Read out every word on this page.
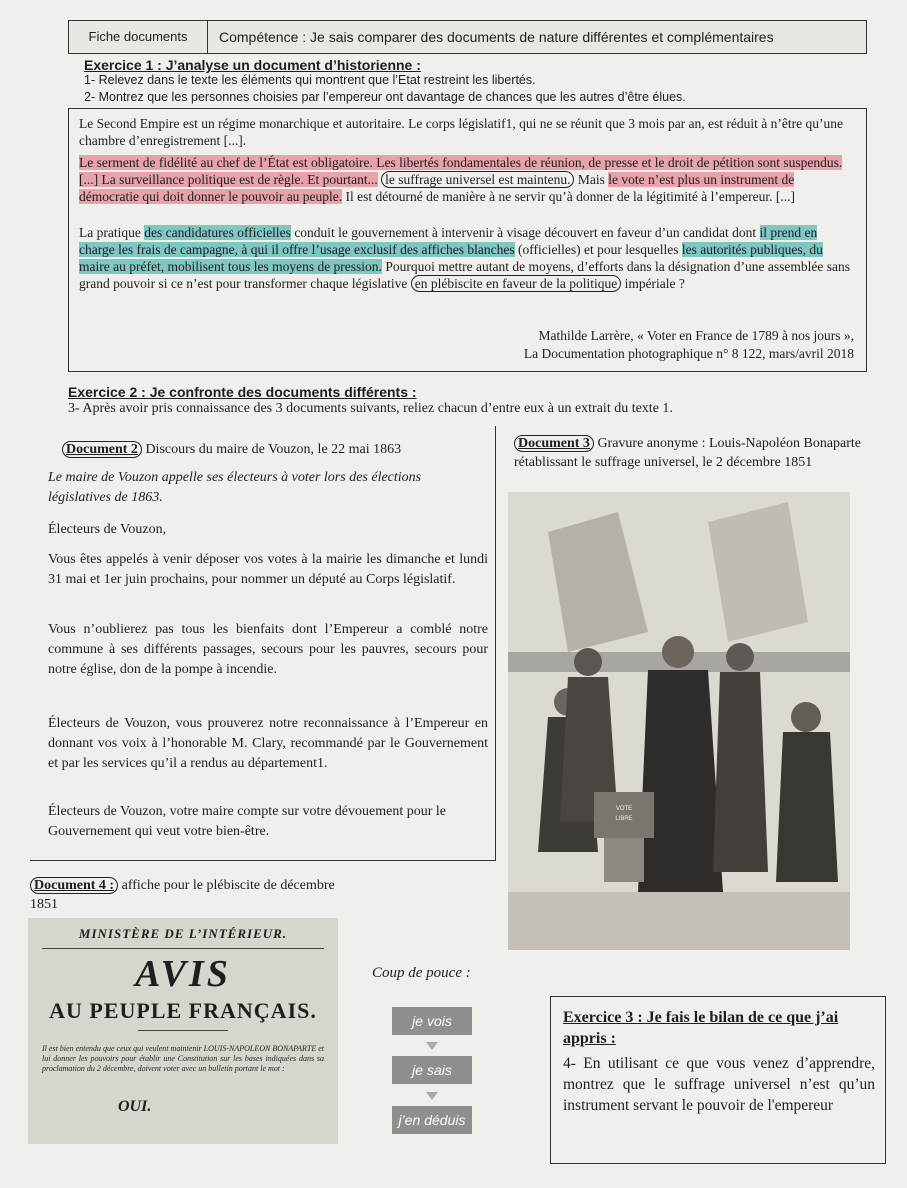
Fiche documents	Compétence : Je sais comparer des documents de nature différentes et complémentaires
Exercice 1 : J’analyse un document d’historienne :
1- Relevez dans le texte les éléments qui montrent que l’Etat restreint les libertés.
2- Montrez que les personnes choisies par l’empereur ont davantage de chances que les autres d’être élues.

Le Second Empire est un régime monarchique et autoritaire. Le corps législatif1, qui ne se réunit que 3 mois par an, est réduit à n’être qu’une chambre d’enregistrement [...].

Le serment de fidélité au chef de l’État est obligatoire. Les libertés fondamentales de réunion, de presse et le droit de pétition sont suspendus. [...] La surveillance politique est de règle. Et pourtant... le suffrage universel est maintenu. Mais le vote n’est plus un instrument de démocratie qui doit donner le pouvoir au peuple. Il est détourné de manière à ne servir qu’à donner de la légitimité à l’empereur. [...]

La pratique des candidatures officielles conduit le gouvernement à intervenir à visage découvert en faveur d’un candidat dont il prend en charge les frais de campagne, à qui il offre l’usage exclusif des affiches blanches (officielles) et pour lesquelles les autorités publiques, du maire au préfet, mobilisent tous les moyens de pression. Pourquoi mettre autant de moyens, d’efforts dans la désignation d’une assemblée sans grand pouvoir si ce n’est pour transformer chaque législative en plébiscite en faveur de la politique impériale ?

Mathilde Larrère, « Voter en France de 1789 à nos jours »,

La Documentation photographique n° 8 122, mars/avril 2018

Exercice 2 : Je confronte des documents différents :
3- Après avoir pris connaissance des 3 documents suivants, reliez chacun d’entre eux à un extrait du texte 1.
Document 2 Discours du maire de Vouzon, le 22 mai 1863

Le maire de Vouzon appelle ses électeurs à voter lors des élections législatives de 1863.

Électeurs de Vouzon,

Vous êtes appelés à venir déposer vos votes à la mairie les dimanche et lundi 31 mai et 1er juin prochains, pour nommer un député au Corps législatif.

Vous n’oublierez pas tous les bienfaits dont l’Empereur a comblé notre commune à ses différents passages, secours pour les pauvres, secours pour notre église, don de la pompe à incendie.

Électeurs de Vouzon, vous prouverez notre reconnaissance à l’Empereur en donnant vos voix à l’honorable M. Clary, recommandé par le Gouvernement et par les services qu’il a rendus au département1.

Électeurs de Vouzon, votre maire compte sur votre dévouement pour le Gouvernement qui veut votre bien-être.

Document 3 Gravure anonyme : Louis-Napoléon Bonaparte rétablissant le suffrage universel, le 2 décembre 1851
VOTE
LIBRE
Document 4 : affiche pour le plébiscite de décembre 1851
MINISTÈRE DE L’INTÉRIEUR.
AVIS
AU PEUPLE FRANÇAIS.

Il est bien entendu que ceux qui veulent maintenir LOUIS-NAPOLEON BONAPARTE et lui donner les pouvoirs pour établir une Constitution sur les bases indiquées dans sa proclamation du 2 décembre, doivent voter avec un bulletin portant le mot :

OUI.
Coup de pouce :
je vois
je sais
j’en déduis
Exercice 3 : Je fais le bilan de ce que j’ai appris :

4- En utilisant ce que vous venez d’apprendre, montrez que le suffrage universel n’est qu’un instrument servant le pouvoir de l'empereur
